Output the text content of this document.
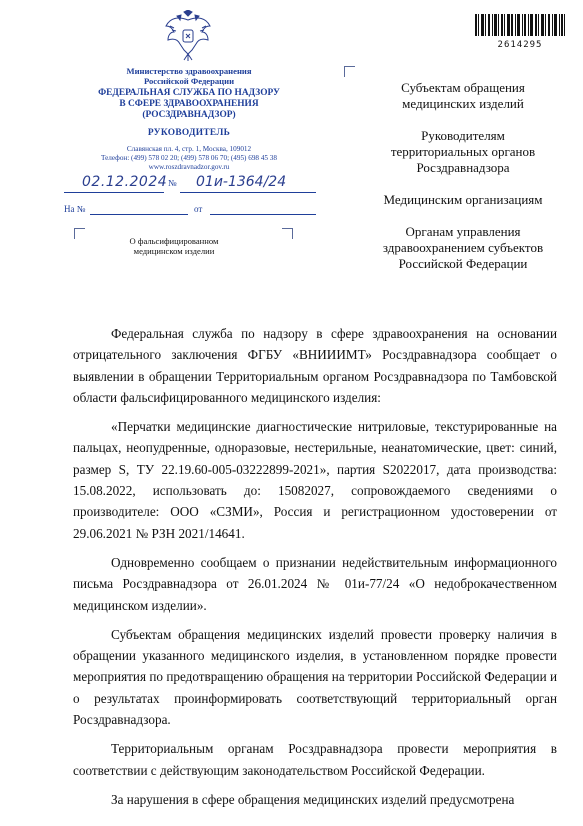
Министерство здравоохранения
Российской Федерации
ФЕДЕРАЛЬНАЯ СЛУЖБА ПО НАДЗОРУ
В СФЕРЕ ЗДРАВООХРАНЕНИЯ
(РОСЗДРАВНАДЗОР)
РУКОВОДИТЕЛЬ
Славянская пл. 4, стр. 1, Москва, 109012
Телефон: (499) 578 02 20; (499) 578 06 70; (495) 698 45 38
www.roszdravnadzor.gov.ru
02.12.2024 № 01и-1364/24
На №	от
О фальсифицированном
медицинском изделии
2614295
Субъектам обращения
медицинских изделий
Руководителям
территориальных органов
Росздравнадзора
Медицинским организациям
Органам управления
здравоохранением субъектов
Российской Федерации

Федеральная служба по надзору в сфере здравоохранения на основании отрицательного заключения ФГБУ «ВНИИИМТ» Росздравнадзора сообщает о выявлении в обращении Территориальным органом Росздравнадзора по Тамбовской области фальсифицированного медицинского изделия:

«Перчатки медицинские диагностические нитриловые, текстурированные на пальцах, неопудренные, одноразовые, нестерильные, неанатомические, цвет: синий, размер S, ТУ 22.19.60-005-03222899-2021», партия S2022017, дата производства: 15.08.2022, использовать до: 15082027, сопровождаемого сведениями о производителе: ООО «СЗМИ», Россия и регистрационном удостоверении от 29.06.2021 № РЗН 2021/14641.

Одновременно сообщаем о признании недействительным информационного письма Росздравнадзора от 26.01.2024 № 01и-77/24 «О недоброкачественном медицинском изделии».

Субъектам обращения медицинских изделий провести проверку наличия в обращении указанного медицинского изделия, в установленном порядке провести мероприятия по предотвращению обращения на территории Российской Федерации и о результатах проинформировать соответствующий территориальный орган Росздравнадзора.

Территориальным органам Росздравнадзора провести мероприятия в соответствии с действующим законодательством Российской Федерации.

За нарушения в сфере обращения медицинских изделий предусмотрена
